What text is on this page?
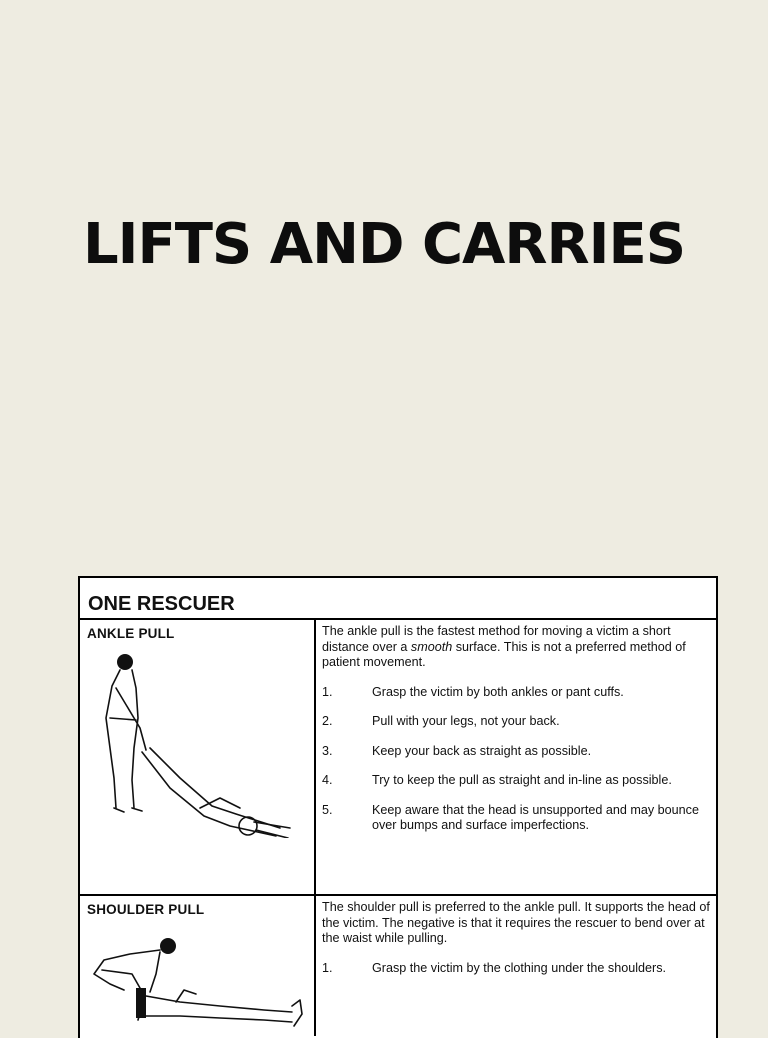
LIFTS AND CARRIES
ONE RESCUER
ANKLE PULL	The ankle pull is the fastest method for moving a victim a short distance over a smooth surface. This is not a preferred method of patient movement.

1.	Grasp the victim by both ankles or pant cuffs.
2.	Pull with your legs, not your back.
3.	Keep your back as straight as possible.
4.	Try to keep the pull as straight and in-line as possible.
5.	Keep aware that the head is unsupported and may bounce over bumps and surface imperfections.
SHOULDER PULL	The shoulder pull is preferred to the ankle pull. It supports the head of the victim. The negative is that it requires the rescuer to bend over at the waist while pulling.

1.	Grasp the victim by the clothing under the shoulders.
